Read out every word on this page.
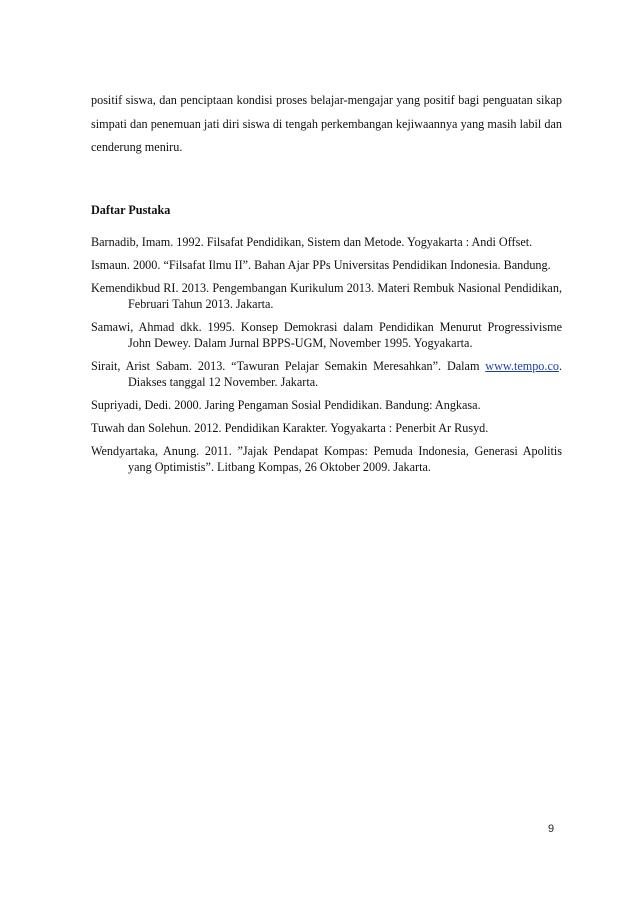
positif siswa, dan penciptaan kondisi proses belajar-mengajar yang positif bagi penguatan sikap simpati dan penemuan jati diri siswa di tengah perkembangan kejiwaannya yang masih labil dan cenderung meniru.

Daftar Pustaka
Barnadib, Imam. 1992. Filsafat Pendidikan, Sistem dan Metode. Yogyakarta : Andi Offset.
Ismaun. 2000. “Filsafat Ilmu II”. Bahan Ajar PPs Universitas Pendidikan Indonesia. Bandung.
Kemendikbud RI. 2013. Pengembangan Kurikulum 2013. Materi Rembuk Nasional Pendidikan, Februari Tahun 2013. Jakarta.
Samawi, Ahmad dkk. 1995. Konsep Demokrasi dalam Pendidikan Menurut Progressivisme John Dewey. Dalam Jurnal BPPS-UGM, November 1995. Yogyakarta.
Sirait, Arist Sabam. 2013. “Tawuran Pelajar Semakin Meresahkan”. Dalam www.tempo.co. Diakses tanggal 12 November. Jakarta.
Supriyadi, Dedi. 2000. Jaring Pengaman Sosial Pendidikan. Bandung: Angkasa.
Tuwah dan Solehun. 2012. Pendidikan Karakter. Yogyakarta : Penerbit Ar Rusyd.
Wendyartaka, Anung. 2011. ”Jajak Pendapat Kompas: Pemuda Indonesia, Generasi Apolitis yang Optimistis”. Litbang Kompas, 26 Oktober 2009. Jakarta.
9
